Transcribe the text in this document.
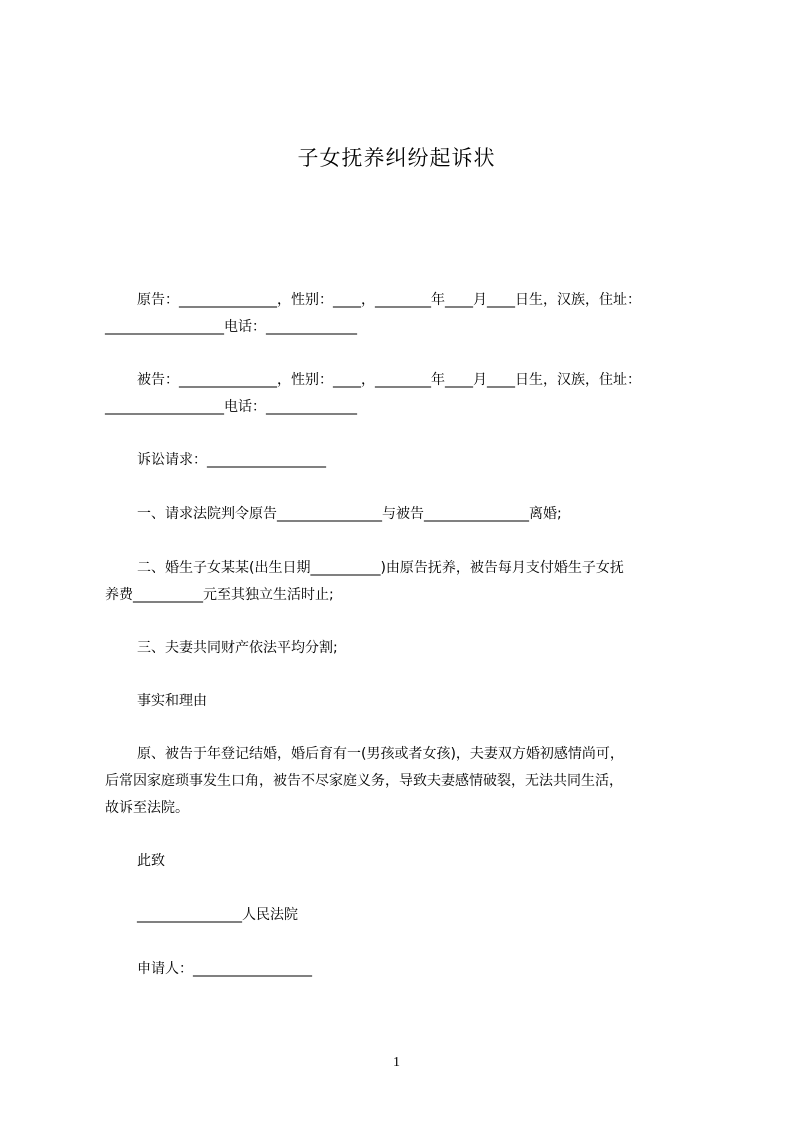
子女抚养纠纷起诉状
原告：______________，性别：____，________年____月____日生，汉族，住址：
_________________电话：_____________
被告：______________，性别：____，________年____月____日生，汉族，住址：
_________________电话：_____________
诉讼请求：_________________
一、请求法院判令原告_______________与被告_______________离婚;
二、婚生子女某某(出生日期__________)由原告抚养，被告每月支付婚生子女抚
养费__________元至其独立生活时止;
三、夫妻共同财产依法平均分割;
事实和理由
原、被告于年登记结婚，婚后育有一(男孩或者女孩)，夫妻双方婚初感情尚可，
后常因家庭琐事发生口角，被告不尽家庭义务，导致夫妻感情破裂，无法共同生活，
故诉至法院。
此致
_______________人民法院
申请人：_________________
1
